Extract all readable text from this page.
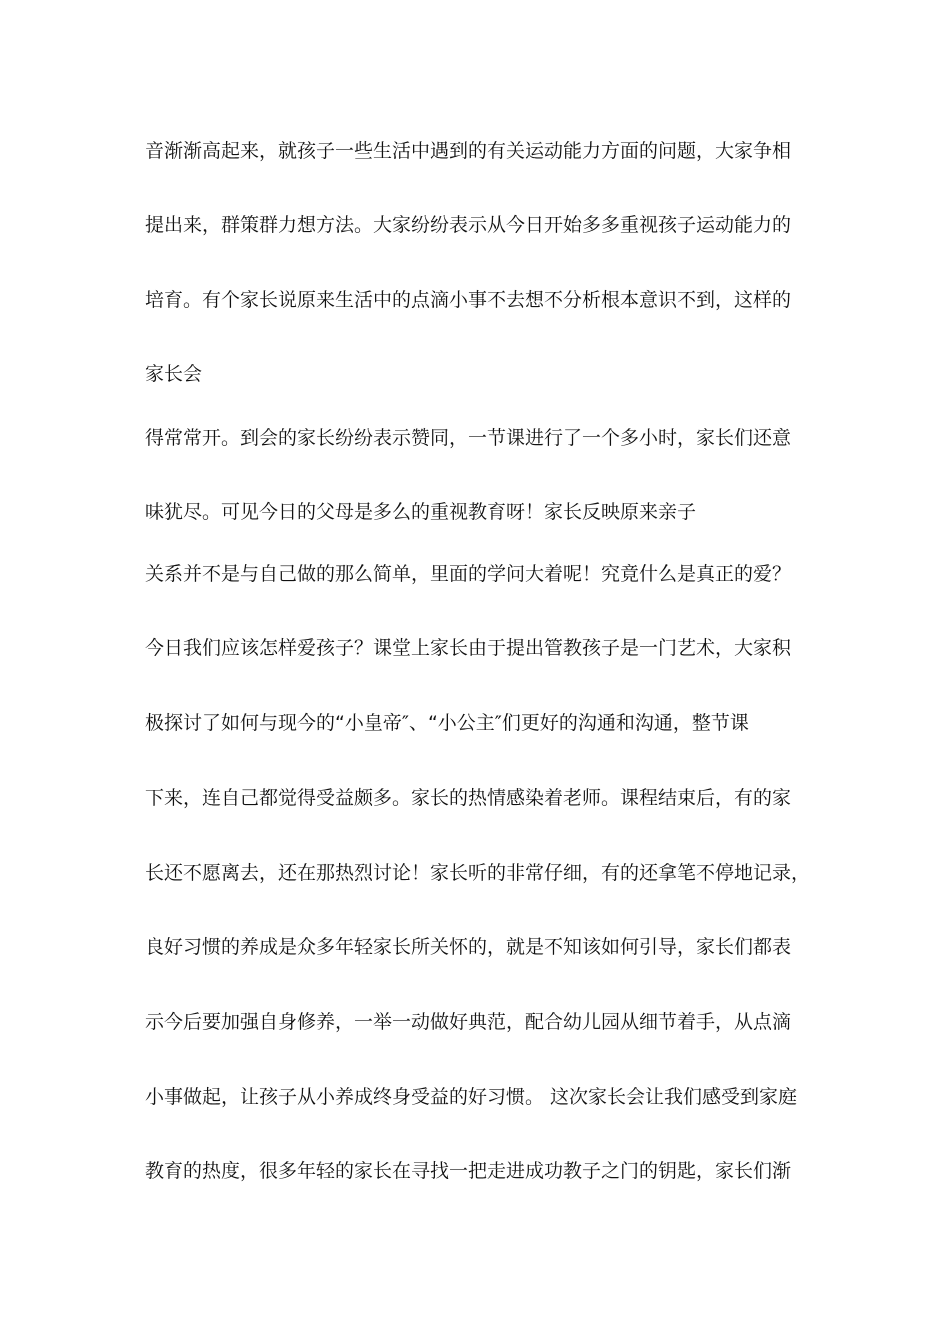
音渐渐高起来，就孩子一些生活中遇到的有关运动能力方面的问题，大家争相

提出来，群策群力想方法。大家纷纷表示从今日开始多多重视孩子运动能力的

培育。有个家长说原来生活中的点滴小事不去想不分析根本意识不到，这样的

家长会

得常常开。到会的家长纷纷表示赞同，一节课进行了一个多小时，家长们还意

味犹尽。可见今日的父母是多么的重视教育呀！家长反映原来亲子

关系并不是与自己做的那么简单，里面的学问大着呢！究竟什么是真正的爱？

今日我们应该怎样爱孩子？课堂上家长由于提出管教孩子是一门艺术，大家积

极探讨了如何与现今的“小皇帝″、“小公主″们更好的沟通和沟通，整节课

下来，连自己都觉得受益颇多。家长的热情感染着老师。课程结束后，有的家

长还不愿离去，还在那热烈讨论！家长听的非常仔细，有的还拿笔不停地记录，

良好习惯的养成是众多年轻家长所关怀的，就是不知该如何引导，家长们都表

示今后要加强自身修养，一举一动做好典范，配合幼儿园从细节着手，从点滴

小事做起，让孩子从小养成终身受益的好习惯。 这次家长会让我们感受到家庭

教育的热度，很多年轻的家长在寻找一把走进成功教子之门的钥匙，家长们渐
